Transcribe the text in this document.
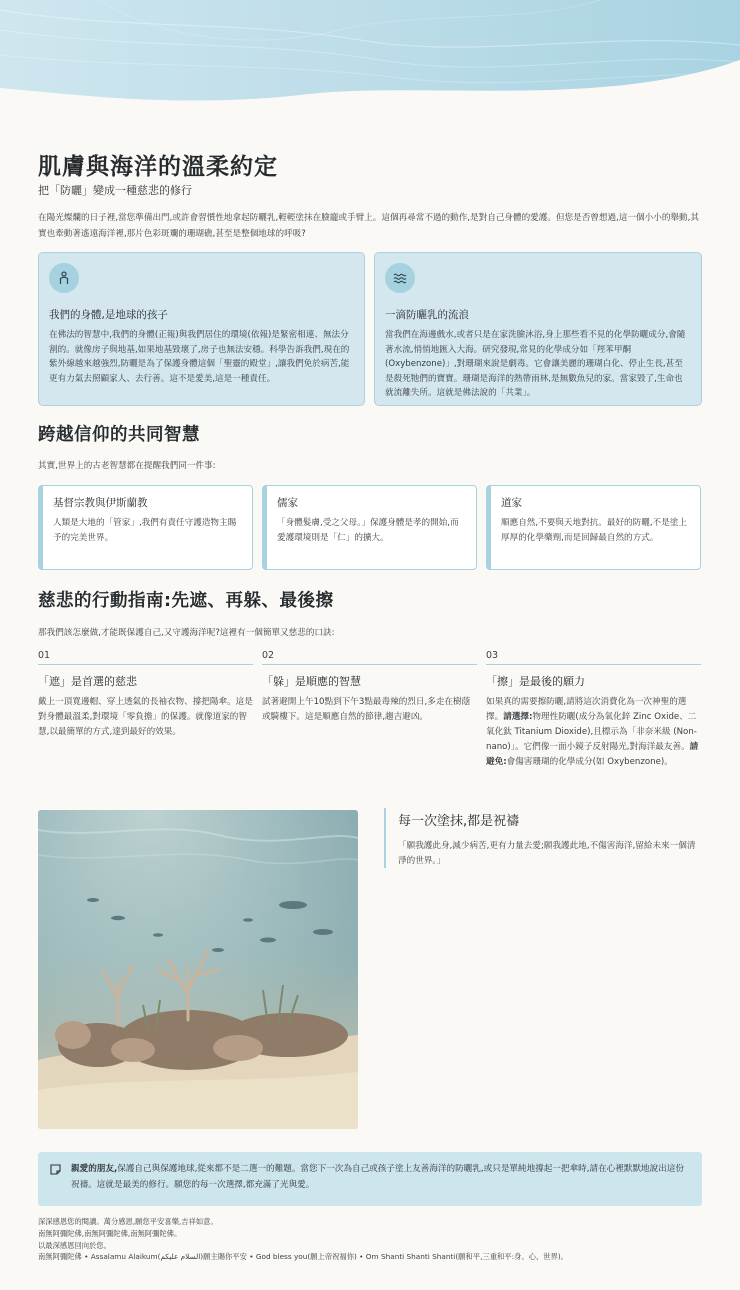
肌膚與海洋的溫柔約定
把「防曬」變成一種慈悲的修行

在陽光燦爛的日子裡,當您準備出門,或許會習慣性地拿起防曬乳,輕輕塗抹在臉龐或手臂上。這個再尋常不過的動作,是對自己身體的愛護。但您是否曾想過,這一個小小的舉動,其實也牽動著遙遠海洋裡,那片色彩斑斕的珊瑚礁,甚至是整個地球的呼吸?

我們的身體,是地球的孩子

在佛法的智慧中,我們的身體(正報)與我們居住的環境(依報)是緊密相連、無法分割的。就像房子與地基,如果地基毀壞了,房子也無法安穩。科學告訴我們,現在的紫外線越來越強烈,防曬是為了保護身體這個「聖靈的殿堂」,讓我們免於病苦,能更有力氣去照顧家人、去行善。這不是愛美,這是一種責任。

一滴防曬乳的流浪

當我們在海邊戲水,或者只是在家洗臉沐浴,身上那些看不見的化學防曬成分,會隨著水流,悄悄地匯入大海。研究發現,常見的化學成分如「羥苯甲酮 (Oxybenzone)」,對珊瑚來說是劇毒。它會讓美麗的珊瑚白化、停止生長,甚至是殺死牠們的寶寶。珊瑚是海洋的熱帶雨林,是無數魚兒的家。當家毀了,生命也就流離失所。這就是佛法說的「共業」。

跨越信仰的共同智慧
其實,世界上的古老智慧都在提醒我們同一件事:
基督宗教與伊斯蘭教

人類是大地的「管家」,我們有責任守護造物主賜予的完美世界。

儒家

「身體髮膚,受之父母。」保護身體是孝的開始,而愛護環境則是「仁」的擴大。

道家

順應自然,不要與天地對抗。最好的防曬,不是塗上厚厚的化學藥劑,而是回歸最自然的方式。

慈悲的行動指南:先遮、再躲、最後擦
那我們該怎麼做,才能既保護自己,又守護海洋呢?這裡有一個簡單又慈悲的口訣:
01
「遮」是首選的慈悲

戴上一頂寬邊帽、穿上透氣的長袖衣物、撐把陽傘。這是對身體最溫柔,對環境「零負擔」的保護。就像道家的智慧,以最簡單的方式,達到最好的效果。

02
「躲」是順應的智慧

試著避開上午10點到下午3點最毒辣的烈日,多走在樹蔭或騎樓下。這是順應自然的節律,趨吉避凶。

03
「擦」是最後的願力

如果真的需要擦防曬,請將這次消費化為一次神聖的選擇。請選擇:物理性防曬(成分為氧化鋅 Zinc Oxide、二氧化鈦 Titanium Dioxide),且標示為「非奈米級 (Non-nano)」。它們像一面小鏡子反射陽光,對海洋最友善。請避免:會傷害珊瑚的化學成分(如 Oxybenzone)。

每一次塗抹,都是祝禱

「願我護此身,減少病苦,更有力量去愛;願我護此地,不傷害海洋,留給未來一個清淨的世界。」

親愛的朋友,保護自己與保護地球,從來都不是二選一的難題。當您下一次為自己或孩子塗上友善海洋的防曬乳,或只是單純地撐起一把傘時,請在心裡默默地說出這份祝禱。這就是最美的修行。願您的每一次選擇,都充滿了光與愛。
深深感恩您的閱讀。萬分感恩,願您平安喜樂,吉祥如意。
南無阿彌陀佛,南無阿彌陀佛,南無阿彌陀佛。
以最深感恩回向於您。
南無阿彌陀佛 • Assalamu Alaikum(السلام عليكم)願主賜你平安 • God bless you(願上帝祝福你) • Om Shanti Shanti Shanti(願和平,三重和平:身、心、世界)。
